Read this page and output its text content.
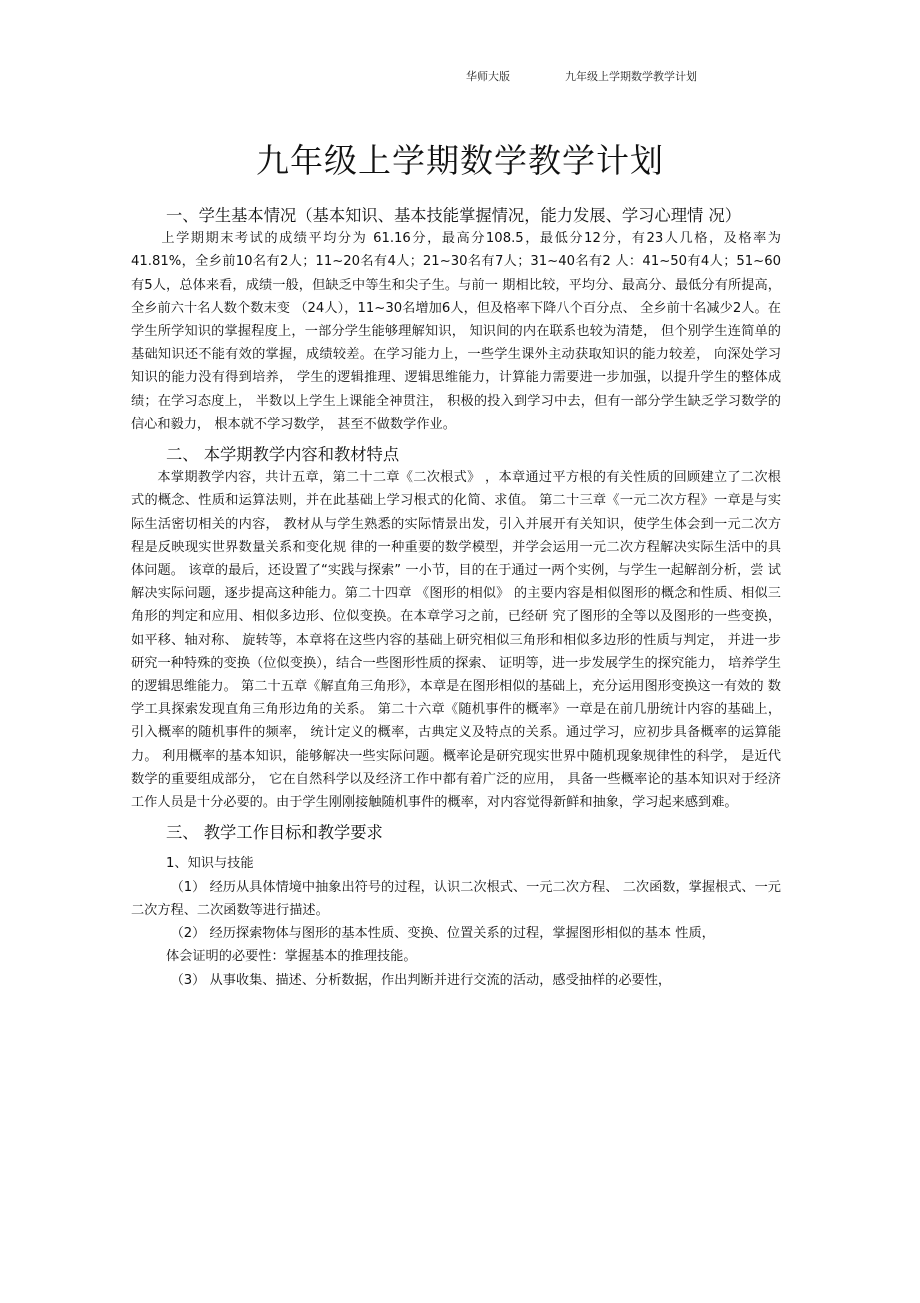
华师大版	九年级上学期数学教学计划
九年级上学期数学教学计划

一、学生基本情况（基本知识、基本技能掌握情况，能力发展、学习心理情 况）

上学期期末考试的成绩平均分为 61.16分，最高分108.5，最低分12分，有23人几格，及格率为41.81%，全乡前10名有2人；11~20名有4人；21~30名有7人；31~40名有2 人：41~50有4人；51~60有5人，总体来看，成绩一般，但缺乏中等生和尖子生。与前一 期相比较，平均分、最高分、最低分有所提高，全乡前六十名人数个数末变 （24人），11~30名增加6人，但及格率下降八个百分点、 全乡前十名减少2人。在学生所学知识的掌握程度上，一部分学生能够理解知识， 知识间的内在联系也较为清楚， 但个别学生连简单的基础知识还不能有效的掌握，成绩较差。在学习能力上，一些学生课外主动获取知识的能力较差， 向深处学习知识的能力没有得到培养， 学生的逻辑推理、逻辑思维能力，计算能力需要进一步加强，以提升学生的整体成绩；在学习态度上， 半数以上学生上课能全神贯注， 积极的投入到学习中去，但有一部分学生缺乏学习数学的信心和毅力， 根本就不学习数学， 甚至不做数学作业。

二、 本学期教学内容和教材特点

本掌期教学内容，共计五章，第二十二章《二次根式》 ，本章通过平方根的有关性质的回顾建立了二次根式的概念、性质和运算法则，并在此基础上学习根式的化简、求值。 第二十三章《一元二次方程》一章是与实际生活密切相关的内容， 教材从与学生熟悉的实际情景出发，引入并展开有关知识，使学生体会到一元二次方程是反映现实世界数量关系和变化规 律的一种重要的数学模型，并学会运用一元二次方程解决实际生活中的具体问题。 该章的最后，还设置了“实践与探索” 一小节，目的在于通过一两个实例，与学生一起解剖分析，尝 试解决实际问题，逐步提高这种能力。第二十四章 《图形的相似》 的主要内容是相似图形的概念和性质、相似三角形的判定和应用、相似多边形、位似变换。在本章学习之前，已经研 究了图形的全等以及图形的一些变换，如平移、轴对称、 旋转等，本章将在这些内容的基础上研究相似三角形和相似多边形的性质与判定， 并进一步研究一种特殊的变换（位似变换），结合一些图形性质的探索、 证明等，进一步发展学生的探究能力， 培养学生的逻辑思维能力。 第二十五章《解直角三角形》，本章是在图形相似的基础上，充分运用图形变换这一有效的 数学工具探索发现直角三角形边角的关系。 第二十六章《随机事件的概率》一章是在前几册统计内容的基础上，引入概率的随机事件的频率， 统计定义的概率，古典定义及特点的关系。通过学习，应初步具备概率的运算能力。 利用概率的基本知识，能够解决一些实际问题。概率论是研究现实世界中随机现象规律性的科学， 是近代数学的重要组成部分， 它在自然科学以及经济工作中都有着广泛的应用， 具备一些概率论的基本知识对于经济工作人员是十分必要的。由于学生刚刚接触随机事件的概率，对内容觉得新鲜和抽象，学习起来感到难。

三、 教学工作目标和教学要求

1、知识与技能

（1） 经历从具体情境中抽象出符号的过程，认识二次根式、一元二次方程、 二次函数，掌握根式、一元二次方程、二次函数等进行描述。

（2） 经历探索物体与图形的基本性质、变换、位置关系的过程，掌握图形相似的基本 性质，

体会证明的必要性：掌握基本的推理技能。

（3） 从事收集、描述、分析数据，作出判断并进行交流的活动，感受抽样的必要性，
